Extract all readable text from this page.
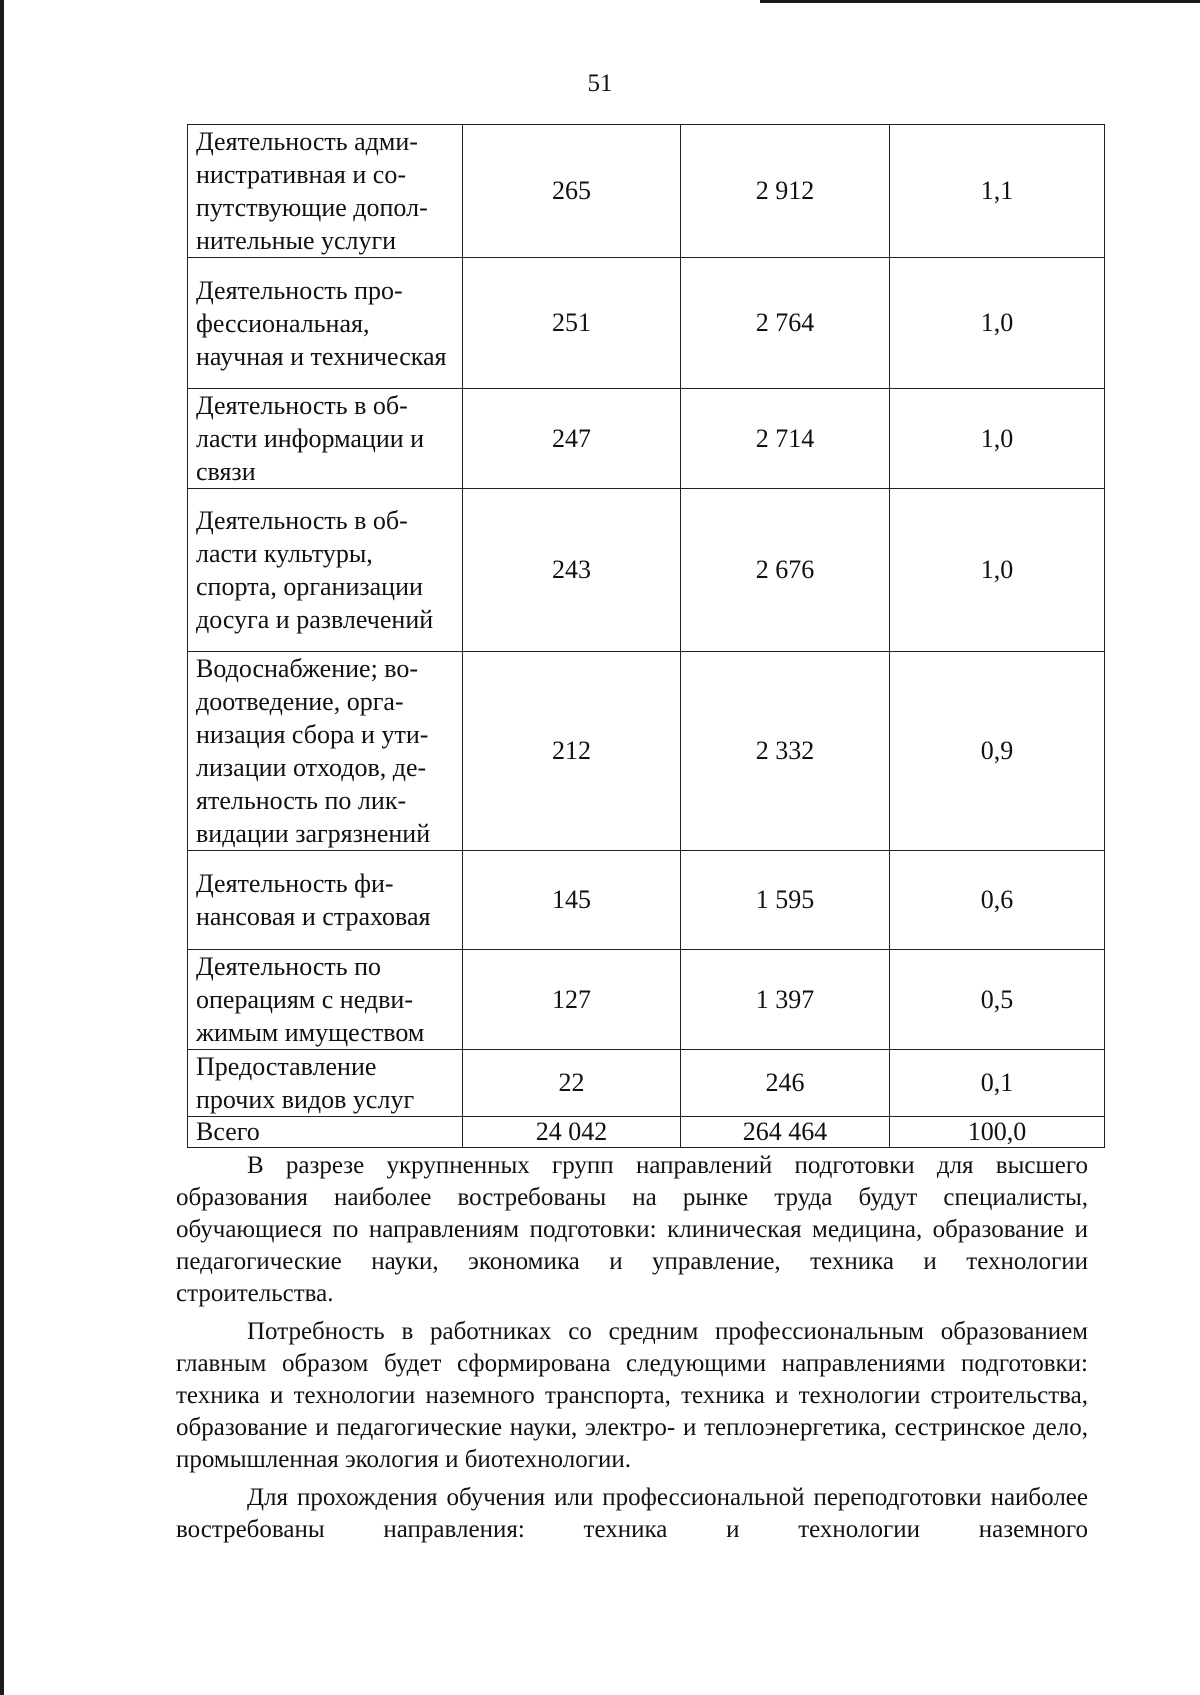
51
Деятельность административная и сопутствующие дополнительные услуги	265	2 912	1,1
Деятельность профессиональная, научная и техническая	251	2 764	1,0
Деятельность в области информации и связи	247	2 714	1,0
Деятельность в области культуры, спорта, организации досуга и развлечений	243	2 676	1,0
Водоснабжение; водоотведение, организация сбора и утилизации отходов, деятельность по ликвидации загрязнений	212	2 332	0,9
Деятельность финансовая и страховая	145	1 595	0,6
Деятельность по операциям с недвижимым имуществом	127	1 397	0,5
Предоставление прочих видов услуг	22	246	0,1
Всего	24 042	264 464	100,0

В разрезе укрупненных групп направлений подготовки для высшего образования наиболее востребованы на рынке труда будут специалисты, обучающиеся по направлениям подготовки: клиническая медицина, образование и педагогические науки, экономика и управление, техника и технологии строительства.

Потребность в работниках со средним профессиональным образованием главным образом будет сформирована следующими направлениями подготовки: техника и технологии наземного транспорта, техника и технологии строительства, образование и педагогические науки, электро- и теплоэнергетика, сестринское дело, промышленная экология и биотехнологии.

Для прохождения обучения или профессиональной переподготовки наиболее востребованы направления: техника и технологии наземного
